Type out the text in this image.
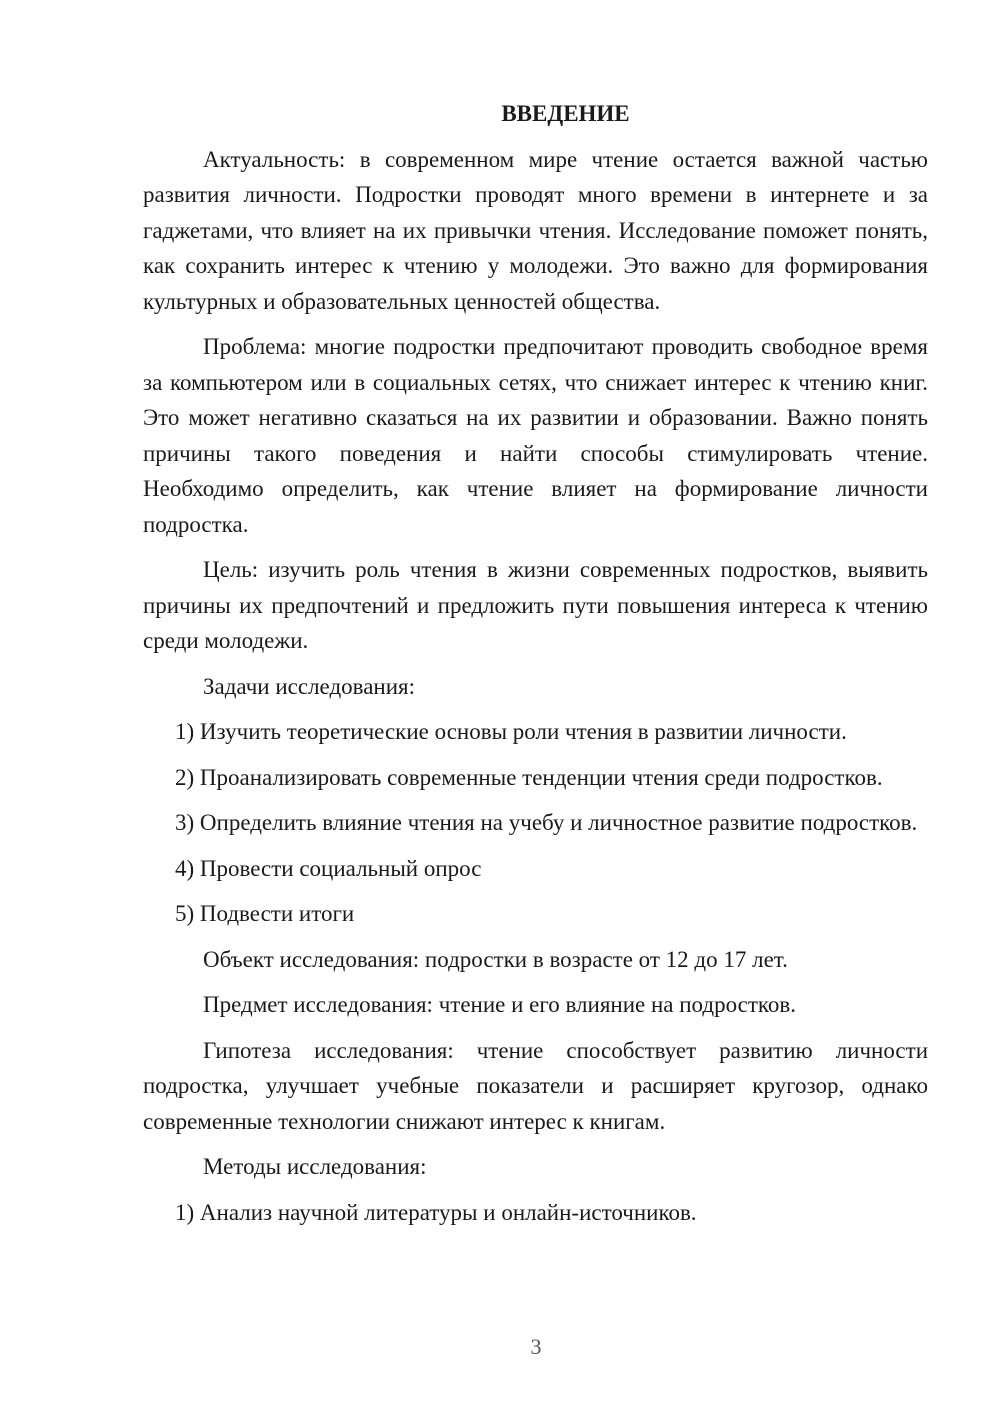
ВВЕДЕНИЕ

Актуальность: в современном мире чтение остается важной частью развития личности. Подростки проводят много времени в интернете и за гаджетами, что влияет на их привычки чтения. Исследование поможет понять, как сохранить интерес к чтению у молодежи. Это важно для формирования культурных и образовательных ценностей общества.

Проблема: многие подростки предпочитают проводить свободное время за компьютером или в социальных сетях, что снижает интерес к чтению книг. Это может негативно сказаться на их развитии и образовании. Важно понять причины такого поведения и найти способы стимулировать чтение. Необходимо определить, как чтение влияет на формирование личности подростка.

Цель: изучить роль чтения в жизни современных подростков, выявить причины их предпочтений и предложить пути повышения интереса к чтению среди молодежи.

Задачи исследования:

1) Изучить теоретические основы роли чтения в развитии личности.

2) Проанализировать современные тенденции чтения среди подростков.

3) Определить влияние чтения на учебу и личностное развитие подростков.

4) Провести социальный опрос

5) Подвести итоги

Объект исследования: подростки в возрасте от 12 до 17 лет.

Предмет исследования: чтение и его влияние на подростков.

Гипотеза исследования: чтение способствует развитию личности подростка, улучшает учебные показатели и расширяет кругозор, однако современные технологии снижают интерес к книгам.

Методы исследования:

1) Анализ научной литературы и онлайн-источников.

3
